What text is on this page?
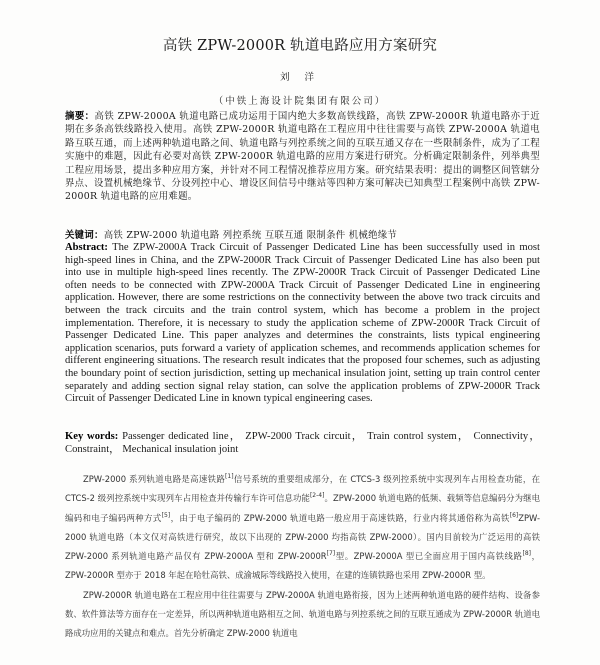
高铁 ZPW-2000R 轨道电路应用方案研究
刘 洋
（中铁上海设计院集团有限公司）
摘要：高铁 ZPW-2000A 轨道电路已成功运用于国内绝大多数高铁线路，高铁 ZPW-2000R 轨道电路亦于近期在多条高铁线路投入使用。高铁 ZPW-2000R 轨道电路在工程应用中往往需要与高铁 ZPW-2000A 轨道电路互联互通，而上述两种轨道电路之间、轨道电路与列控系统之间的互联互通又存在一些限制条件，成为了工程实施中的难题，因此有必要对高铁 ZPW-2000R 轨道电路的应用方案进行研究。分析确定限制条件，列举典型工程应用场景，提出多种应用方案，并针对不同工程情况推荐应用方案。研究结果表明：提出的调整区间管辖分界点、设置机械绝缘节、分设列控中心、增设区间信号中继站等四种方案可解决已知典型工程案例中高铁 ZPW-2000R 轨道电路的应用难题。
关键词：高铁 ZPW-2000 轨道电路 列控系统 互联互通 限制条件 机械绝缘节
Abstract: The ZPW-2000A Track Circuit of Passenger Dedicated Line has been successfully used in most high-speed lines in China, and the ZPW-2000R Track Circuit of Passenger Dedicated Line has also been put into use in multiple high-speed lines recently. The ZPW-2000R Track Circuit of Passenger Dedicated Line often needs to be connected with ZPW-2000A Track Circuit of Passenger Dedicated Line in engineering application. However, there are some restrictions on the connectivity between the above two track circuits and between the track circuits and the train control system, which has become a problem in the project implementation. Therefore, it is necessary to study the application scheme of ZPW-2000R Track Circuit of Passenger Dedicated Line. This paper analyzes and determines the constraints, lists typical engineering application scenarios, puts forward a variety of application schemes, and recommends application schemes for different engineering situations. The research result indicates that the proposed four schemes, such as adjusting the boundary point of section jurisdiction, setting up mechanical insulation joint, setting up train control center separately and adding section signal relay station, can solve the application problems of ZPW-2000R Track Circuit of Passenger Dedicated Line in known typical engineering cases.
Key words: Passenger dedicated line， ZPW-2000 Track circuit， Train control system， Connectivity， Constraint， Mechanical insulation joint

ZPW-2000 系列轨道电路是高速铁路[1]信号系统的重要组成部分，在 CTCS-3 级列控系统中实现列车占用检查功能，在 CTCS-2 级列控系统中实现列车占用检查并传输行车许可信息功能[2-4]。ZPW-2000 轨道电路的低频、载频等信息编码分为继电编码和电子编码两种方式[5]，由于电子编码的 ZPW-2000 轨道电路一般应用于高速铁路，行业内将其通俗称为高铁[6]ZPW-2000 轨道电路（本文仅对高铁进行研究，故以下出现的 ZPW-2000 均指高铁 ZPW-2000）。国内目前较为广泛运用的高铁 ZPW-2000 系列轨道电路产品仅有 ZPW-2000A 型和 ZPW-2000R[7]型。ZPW-2000A 型已全面应用于国内高铁线路[8]，ZPW-2000R 型亦于 2018 年起在哈牡高铁、成渝城际等线路投入使用，在建的连镇铁路也采用 ZPW-2000R 型。

ZPW-2000R 轨道电路在工程应用中往往需要与 ZPW-2000A 轨道电路衔接，因为上述两种轨道电路的硬件结构、设备参数、软件算法等方面存在一定差异，所以两种轨道电路相互之间、轨道电路与列控系统之间的互联互通成为 ZPW-2000R 轨道电路成功应用的关键点和难点。首先分析确定 ZPW-2000 轨道电
